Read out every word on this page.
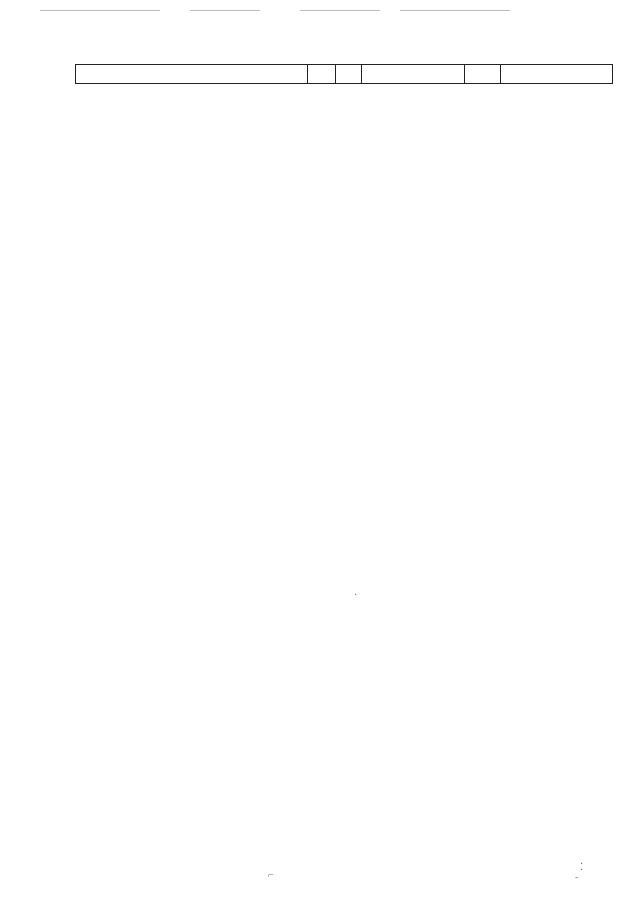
·
⌐
⁚
˜
